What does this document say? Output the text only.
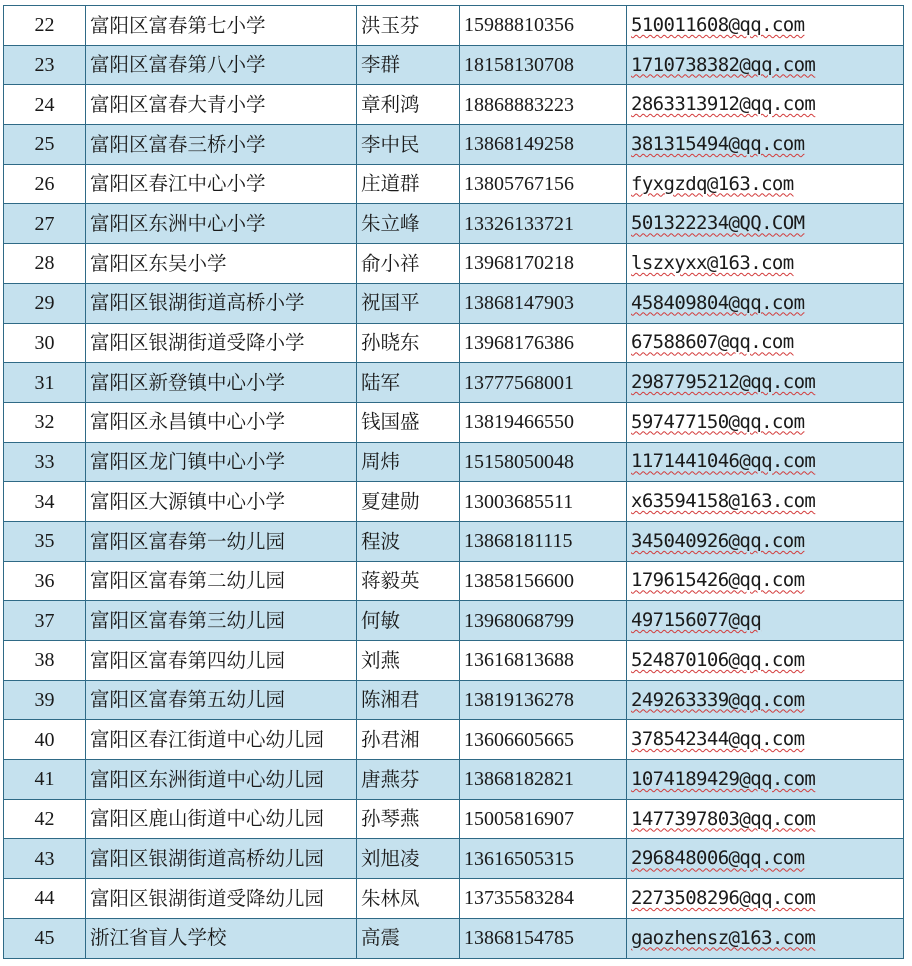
22	富阳区富春第七小学	洪玉芬	15988810356	510011608@qq.com
23	富阳区富春第八小学	李群	18158130708	1710738382@qq.com
24	富阳区富春大青小学	章利鸿	18868883223	2863313912@qq.com
25	富阳区富春三桥小学	李中民	13868149258	381315494@qq.com
26	富阳区春江中心小学	庄道群	13805767156	fyxgzdq@163.com
27	富阳区东洲中心小学	朱立峰	13326133721	501322234@QQ.COM
28	富阳区东吴小学	俞小祥	13968170218	lszxyxx@163.com
29	富阳区银湖街道高桥小学	祝国平	13868147903	458409804@qq.com
30	富阳区银湖街道受降小学	孙晓东	13968176386	67588607@qq.com
31	富阳区新登镇中心小学	陆军	13777568001	2987795212@qq.com
32	富阳区永昌镇中心小学	钱国盛	13819466550	597477150@qq.com
33	富阳区龙门镇中心小学	周炜	15158050048	1171441046@qq.com
34	富阳区大源镇中心小学	夏建勋	13003685511	x63594158@163.com
35	富阳区富春第一幼儿园	程波	13868181115	345040926@qq.com
36	富阳区富春第二幼儿园	蒋毅英	13858156600	179615426@qq.com
37	富阳区富春第三幼儿园	何敏	13968068799	497156077@qq
38	富阳区富春第四幼儿园	刘燕	13616813688	524870106@qq.com
39	富阳区富春第五幼儿园	陈湘君	13819136278	249263339@qq.com
40	富阳区春江街道中心幼儿园	孙君湘	13606605665	378542344@qq.com
41	富阳区东洲街道中心幼儿园	唐燕芬	13868182821	1074189429@qq.com
42	富阳区鹿山街道中心幼儿园	孙琴燕	15005816907	1477397803@qq.com
43	富阳区银湖街道高桥幼儿园	刘旭凌	13616505315	296848006@qq.com
44	富阳区银湖街道受降幼儿园	朱林凤	13735583284	2273508296@qq.com
45	浙江省盲人学校	高震	13868154785	gaozhensz@163.com
